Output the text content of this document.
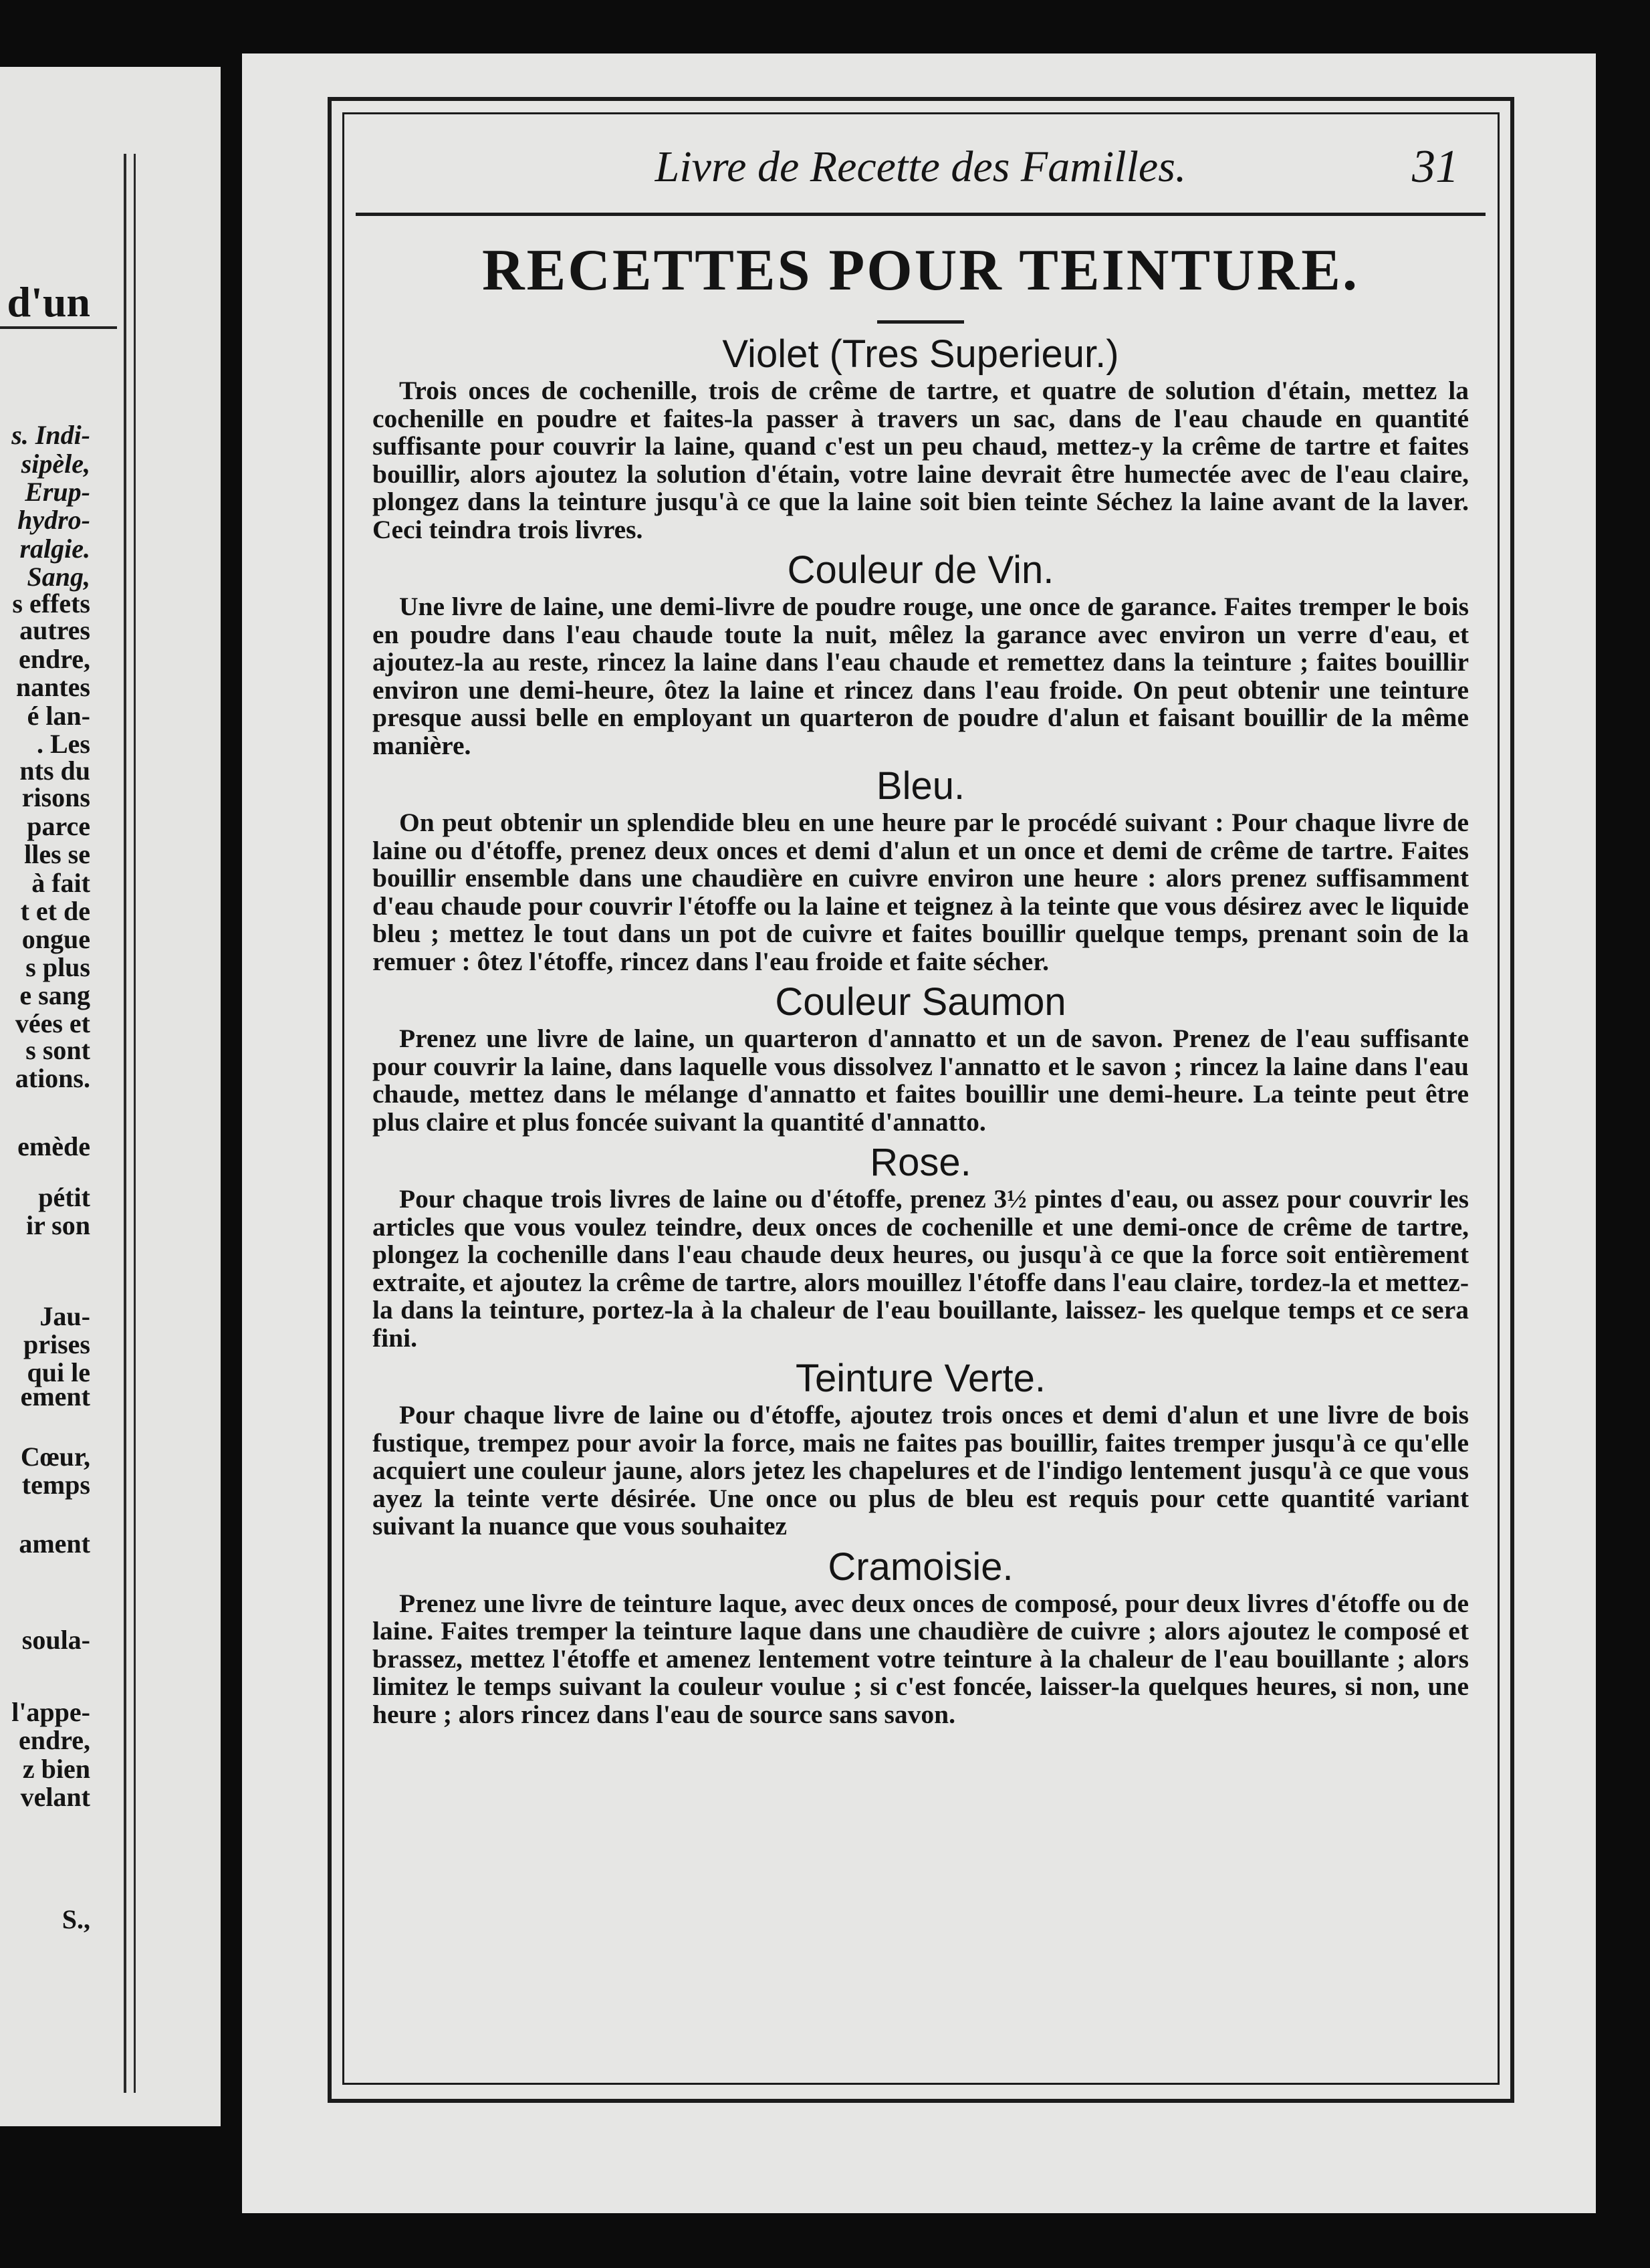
d'un
s. Indi-
sipèle,
Erup-
hydro-
ralgie.
Sang,
s effets
autres
endre,
nantes
é lan-
. Les
nts du
risons
parce
lles se
à fait
t et de
ongue
s plus
e sang
vées et
s sont
ations.
emède
pétit
ir son
Jau-
prises
qui le
ement
Cœur,
temps
ament
soula-
l'appe-
endre,
z bien
velant
S.,
Livre de Recette des Familles.	31
RECETTES POUR TEINTURE.
Violet (Tres Superieur.)

Trois onces de cochenille, trois de crême de tartre, et quatre de solution d'étain, mettez la cochenille en poudre et faites-la passer à travers un sac, dans de l'eau chaude en quantité suffisante pour couvrir la laine, quand c'est un peu chaud, mettez-y la crême de tartre et faites bouillir, alors ajoutez la solution d'étain, votre laine devrait être humectée avec de l'eau claire, plongez dans la teinture jusqu'à ce que la laine soit bien teinte Séchez la laine avant de la laver. Ceci teindra trois livres.

Couleur de Vin.

Une livre de laine, une demi-livre de poudre rouge, une once de garance. Faites tremper le bois en poudre dans l'eau chaude toute la nuit, mêlez la garance avec environ un verre d'eau, et ajoutez-la au reste, rincez la laine dans l'eau chaude et remettez dans la teinture ; faites bouillir environ une demi-heure, ôtez la laine et rincez dans l'eau froide. On peut obtenir une teinture presque aussi belle en employant un quarteron de poudre d'alun et faisant bouillir de la même manière.

Bleu.

On peut obtenir un splendide bleu en une heure par le procédé suivant : Pour chaque livre de laine ou d'étoffe, prenez deux onces et demi d'alun et un once et demi de crême de tartre. Faites bouillir ensemble dans une chaudière en cuivre environ une heure : alors prenez suffisamment d'eau chaude pour couvrir l'étoffe ou la laine et teignez à la teinte que vous désirez avec le liquide bleu ; mettez le tout dans un pot de cuivre et faites bouillir quelque temps, prenant soin de la remuer : ôtez l'étoffe, rincez dans l'eau froide et faite sécher.

Couleur Saumon

Prenez une livre de laine, un quarteron d'annatto et un de savon. Prenez de l'eau suffisante pour couvrir la laine, dans laquelle vous dissolvez l'annatto et le savon ; rincez la laine dans l'eau chaude, mettez dans le mélange d'annatto et faites bouillir une demi-heure. La teinte peut être plus claire et plus foncée suivant la quantité d'annatto.

Rose.

Pour chaque trois livres de laine ou d'étoffe, prenez 3½ pintes d'eau, ou assez pour couvrir les articles que vous voulez teindre, deux onces de cochenille et une demi-once de crême de tartre, plongez la cochenille dans l'eau chaude deux heures, ou jusqu'à ce que la force soit entièrement extraite, et ajoutez la crême de tartre, alors mouillez l'étoffe dans l'eau claire, tordez-la et mettez-la dans la teinture, portez-la à la chaleur de l'eau bouillante, laissez- les quelque temps et ce sera fini.

Teinture Verte.

Pour chaque livre de laine ou d'étoffe, ajoutez trois onces et demi d'alun et une livre de bois fustique, trempez pour avoir la force, mais ne faites pas bouillir, faites tremper jusqu'à ce qu'elle acquiert une couleur jaune, alors jetez les chapelures et de l'indigo lentement jusqu'à ce que vous ayez la teinte verte désirée. Une once ou plus de bleu est requis pour cette quantité variant suivant la nuance que vous souhaitez

Cramoisie.

Prenez une livre de teinture laque, avec deux onces de composé, pour deux livres d'étoffe ou de laine. Faites tremper la teinture laque dans une chaudière de cuivre ; alors ajoutez le composé et brassez, mettez l'étoffe et amenez lentement votre teinture à la chaleur de l'eau bouillante ; alors limitez le temps suivant la couleur voulue ; si c'est foncée, laisser-la quelques heures, si non, une heure ; alors rincez dans l'eau de source sans savon.
